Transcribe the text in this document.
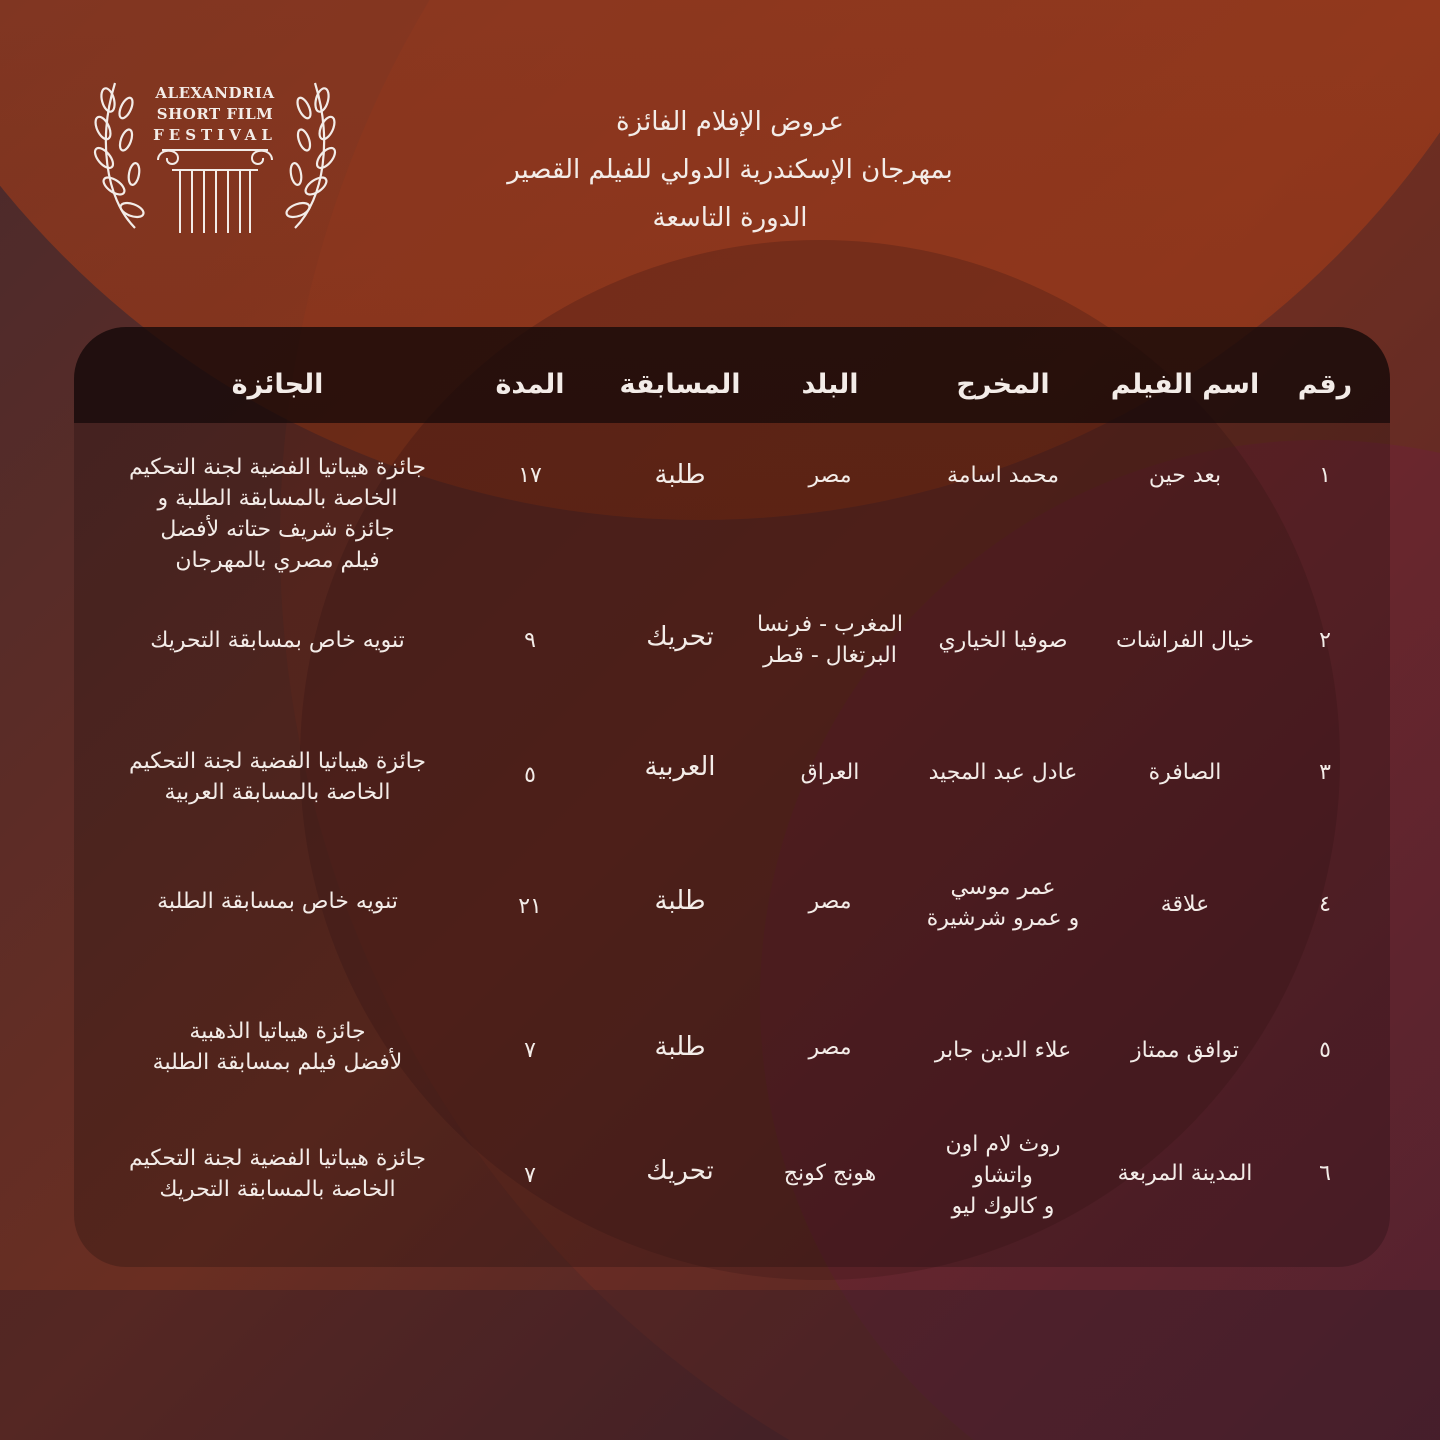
ALEXANDRIA
SHORT FILM
FESTIVAL	عروض الإفلام الفائزة
بمهرجان الإسكندرية الدولي للفيلم القصير
الدورة التاسعة
رقم
اسم الفيلم
المخرج
البلد
المسابقة
المدة
الجائزة
١
بعد حين
محمد اسامة
مصر
طلبة
١٧
جائزة هيباتيا الفضية لجنة التحكيم
الخاصة بالمسابقة الطلبة و
جائزة شريف حتاته لأفضل
فيلم مصري بالمهرجان
٢
خيال الفراشات
صوفيا الخياري
المغرب - فرنسا
البرتغال - قطر
تحريك
٩
تنويه خاص بمسابقة التحريك
٣
الصافرة
عادل عبد المجيد
العراق
العربية
٥
جائزة هيباتيا الفضية لجنة التحكيم
الخاصة بالمسابقة العربية
٤
علاقة
عمر موسي
و عمرو شرشيرة
مصر
طلبة
٢١
تنويه خاص بمسابقة الطلبة
٥
توافق ممتاز
علاء الدين جابر
مصر
طلبة
٧
جائزة هيباتيا الذهبية
لأفضل فيلم بمسابقة الطلبة
٦
المدينة المربعة
روث لام اون
واتشاو
و كالوك ليو
هونج كونج
تحريك
٧
جائزة هيباتيا الفضية لجنة التحكيم
الخاصة بالمسابقة التحريك
